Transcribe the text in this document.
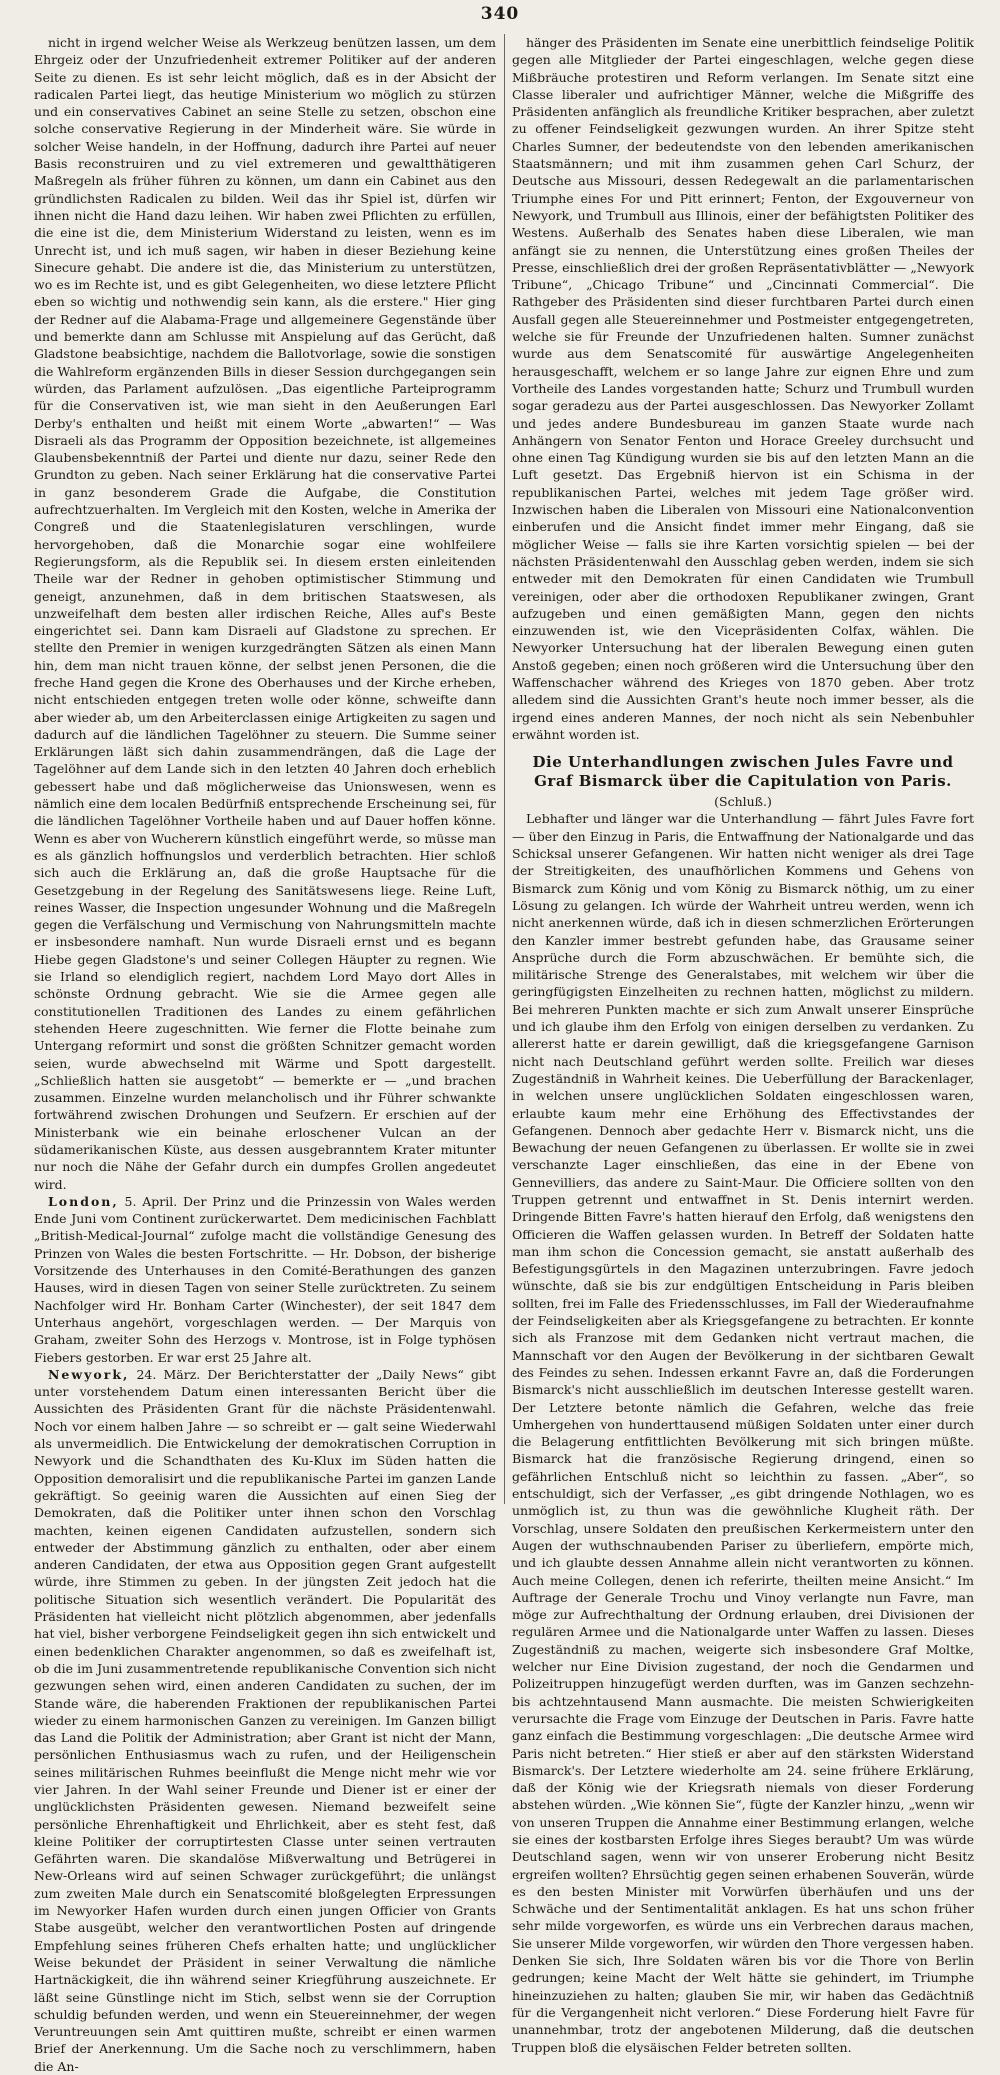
340

nicht in irgend welcher Weise als Werkzeug benützen lassen, um dem Ehrgeiz oder der Unzufriedenheit extremer Politiker auf der anderen Seite zu dienen. Es ist sehr leicht möglich, daß es in der Absicht der radicalen Partei liegt, das heutige Ministerium wo möglich zu stürzen und ein conservatives Cabinet an seine Stelle zu setzen, obschon eine solche conservative Regierung in der Minderheit wäre. Sie würde in solcher Weise handeln, in der Hoffnung, dadurch ihre Partei auf neuer Basis reconstruiren und zu viel extremeren und gewaltthätigeren Maßregeln als früher führen zu können, um dann ein Cabinet aus den gründlichsten Radicalen zu bilden. Weil das ihr Spiel ist, dürfen wir ihnen nicht die Hand dazu leihen. Wir haben zwei Pflichten zu erfüllen, die eine ist die, dem Ministerium Widerstand zu leisten, wenn es im Unrecht ist, und ich muß sagen, wir haben in dieser Beziehung keine Sinecure gehabt. Die andere ist die, das Ministerium zu unterstützen, wo es im Rechte ist, und es gibt Gelegenheiten, wo diese letztere Pflicht eben so wichtig und nothwendig sein kann, als die erstere." Hier ging der Redner auf die Alabama-Frage und allgemeinere Gegenstände über und bemerkte dann am Schlusse mit Anspielung auf das Gerücht, daß Gladstone beabsichtige, nachdem die Ballotvorlage, sowie die sonstigen die Wahlreform ergänzenden Bills in dieser Session durchgegangen sein würden, das Parlament aufzulösen. „Das eigentliche Parteiprogramm für die Conservativen ist, wie man sieht in den Aeußerungen Earl Derby's enthalten und heißt mit einem Worte „abwarten!“ — Was Disraeli als das Programm der Opposition bezeichnete, ist allgemeines Glaubensbekenntniß der Partei und diente nur dazu, seiner Rede den Grundton zu geben. Nach seiner Erklärung hat die conservative Partei in ganz besonderem Grade die Aufgabe, die Constitution aufrechtzuerhalten. Im Vergleich mit den Kosten, welche in Amerika der Congreß und die Staatenlegislaturen verschlingen, wurde hervorgehoben, daß die Monarchie sogar eine wohlfeilere Regierungsform, als die Republik sei. In diesem ersten einleitenden Theile war der Redner in gehoben optimistischer Stimmung und geneigt, anzunehmen, daß in dem britischen Staatswesen, als unzweifelhaft dem besten aller irdischen Reiche, Alles auf's Beste eingerichtet sei. Dann kam Disraeli auf Gladstone zu sprechen. Er stellte den Premier in wenigen kurzgedrängten Sätzen als einen Mann hin, dem man nicht trauen könne, der selbst jenen Personen, die die freche Hand gegen die Krone des Oberhauses und der Kirche erheben, nicht entschieden entgegen treten wolle oder könne, schweifte dann aber wieder ab, um den Arbeiterclassen einige Artigkeiten zu sagen und dadurch auf die ländlichen Tagelöhner zu steuern. Die Summe seiner Erklärungen läßt sich dahin zusammendrängen, daß die Lage der Tagelöhner auf dem Lande sich in den letzten 40 Jahren doch erheblich gebessert habe und daß möglicherweise das Unionswesen, wenn es nämlich eine dem localen Bedürfniß entsprechende Erscheinung sei, für die ländlichen Tagelöhner Vortheile haben und auf Dauer hoffen könne. Wenn es aber von Wucherern künstlich eingeführt werde, so müsse man es als gänzlich hoffnungslos und verderblich betrachten. Hier schloß sich auch die Erklärung an, daß die große Hauptsache für die Gesetzgebung in der Regelung des Sanitätswesens liege. Reine Luft, reines Wasser, die Inspection ungesunder Wohnung und die Maßregeln gegen die Verfälschung und Vermischung von Nahrungsmitteln machte er insbesondere namhaft. Nun wurde Disraeli ernst und es begann Hiebe gegen Gladstone's und seiner Collegen Häupter zu regnen. Wie sie Irland so elendiglich regiert, nachdem Lord Mayo dort Alles in schönste Ordnung gebracht. Wie sie die Armee gegen alle constitutionellen Traditionen des Landes zu einem gefährlichen stehenden Heere zugeschnitten. Wie ferner die Flotte beinahe zum Untergang reformirt und sonst die größten Schnitzer gemacht worden seien, wurde abwechselnd mit Wärme und Spott dargestellt. „Schließlich hatten sie ausgetobt“ — bemerkte er — „und brachen zusammen. Einzelne wurden melancholisch und ihr Führer schwankte fortwährend zwischen Drohungen und Seufzern. Er erschien auf der Ministerbank wie ein beinahe erloschener Vulcan an der südamerikanischen Küste, aus dessen ausgebranntem Krater mitunter nur noch die Nähe der Gefahr durch ein dumpfes Grollen angedeutet wird.

London, 5. April. Der Prinz und die Prinzessin von Wales werden Ende Juni vom Continent zurückerwartet. Dem medicinischen Fachblatt „British-Medical-Journal“ zufolge macht die vollständige Genesung des Prinzen von Wales die besten Fortschritte. — Hr. Dobson, der bisherige Vorsitzende des Unterhauses in den Comité-Berathungen des ganzen Hauses, wird in diesen Tagen von seiner Stelle zurücktreten. Zu seinem Nachfolger wird Hr. Bonham Carter (Winchester), der seit 1847 dem Unterhaus angehört, vorgeschlagen werden. — Der Marquis von Graham, zweiter Sohn des Herzogs v. Montrose, ist in Folge typhösen Fiebers gestorben. Er war erst 25 Jahre alt.

Newyork, 24. März. Der Berichterstatter der „Daily News“ gibt unter vorstehendem Datum einen interessanten Bericht über die Aussichten des Präsidenten Grant für die nächste Präsidentenwahl. Noch vor einem halben Jahre — so schreibt er — galt seine Wiederwahl als unvermeidlich. Die Entwickelung der demokratischen Corruption in Newyork und die Schandthaten des Ku-Klux im Süden hatten die Opposition demoralisirt und die republikanische Partei im ganzen Lande gekräftigt. So geeinig waren die Aussichten auf einen Sieg der Demokraten, daß die Politiker unter ihnen schon den Vorschlag machten, keinen eigenen Candidaten aufzustellen, sondern sich entweder der Abstimmung gänzlich zu enthalten, oder aber einem anderen Candidaten, der etwa aus Opposition gegen Grant aufgestellt würde, ihre Stimmen zu geben. In der jüngsten Zeit jedoch hat die politische Situation sich wesentlich verändert. Die Popularität des Präsidenten hat vielleicht nicht plötzlich abgenommen, aber jedenfalls hat viel, bisher verborgene Feindseligkeit gegen ihn sich entwickelt und einen bedenklichen Charakter angenommen, so daß es zweifelhaft ist, ob die im Juni zusammentretende republikanische Convention sich nicht gezwungen sehen wird, einen anderen Candidaten zu suchen, der im Stande wäre, die haberenden Fraktionen der republikanischen Partei wieder zu einem harmonischen Ganzen zu vereinigen. Im Ganzen billigt das Land die Politik der Administration; aber Grant ist nicht der Mann, persönlichen Enthusiasmus wach zu rufen, und der Heiligenschein seines militärischen Ruhmes beeinflußt die Menge nicht mehr wie vor vier Jahren. In der Wahl seiner Freunde und Diener ist er einer der unglücklichsten Präsidenten gewesen. Niemand bezweifelt seine persönliche Ehrenhaftigkeit und Ehrlichkeit, aber es steht fest, daß kleine Politiker der corruptirtesten Classe unter seinen vertrauten Gefährten waren. Die skandalöse Mißverwaltung und Betrügerei in New-Orleans wird auf seinen Schwager zurückgeführt; die unlängst zum zweiten Male durch ein Senatscomité bloßgelegten Erpressungen im Newyorker Hafen wurden durch einen jungen Officier von Grants Stabe ausgeübt, welcher den verantwortlichen Posten auf dringende Empfehlung seines früheren Chefs erhalten hatte; und unglücklicher Weise bekundet der Präsident in seiner Verwaltung die nämliche Hartnäckigkeit, die ihn während seiner Kriegführung auszeichnete. Er läßt seine Günstlinge nicht im Stich, selbst wenn sie der Corruption schuldig befunden werden, und wenn ein Steuereinnehmer, der wegen Veruntreuungen sein Amt quittiren mußte, schreibt er einen warmen Brief der Anerkennung. Um die Sache noch zu verschlimmern, haben die An-

hänger des Präsidenten im Senate eine unerbittlich feindselige Politik gegen alle Mitglieder der Partei eingeschlagen, welche gegen diese Mißbräuche protestiren und Reform verlangen. Im Senate sitzt eine Classe liberaler und aufrichtiger Männer, welche die Mißgriffe des Präsidenten anfänglich als freundliche Kritiker besprachen, aber zuletzt zu offener Feindseligkeit gezwungen wurden. An ihrer Spitze steht Charles Sumner, der bedeutendste von den lebenden amerikanischen Staatsmännern; und mit ihm zusammen gehen Carl Schurz, der Deutsche aus Missouri, dessen Redegewalt an die parlamentarischen Triumphe eines For und Pitt erinnert; Fenton, der Exgouverneur von Newyork, und Trumbull aus Illinois, einer der befähigtsten Politiker des Westens. Außerhalb des Senates haben diese Liberalen, wie man anfängt sie zu nennen, die Unterstützung eines großen Theiles der Presse, einschließlich drei der großen Repräsentativblätter — „Newyork Tribune“, „Chicago Tribune“ und „Cincinnati Commercial“. Die Rathgeber des Präsidenten sind dieser furchtbaren Partei durch einen Ausfall gegen alle Steuereinnehmer und Postmeister entgegengetreten, welche sie für Freunde der Unzufriedenen halten. Sumner zunächst wurde aus dem Senatscomité für auswärtige Angelegenheiten herausgeschafft, welchem er so lange Jahre zur eignen Ehre und zum Vortheile des Landes vorgestanden hatte; Schurz und Trumbull wurden sogar geradezu aus der Partei ausgeschlossen. Das Newyorker Zollamt und jedes andere Bundesbureau im ganzen Staate wurde nach Anhängern von Senator Fenton und Horace Greeley durchsucht und ohne einen Tag Kündigung wurden sie bis auf den letzten Mann an die Luft gesetzt. Das Ergebniß hiervon ist ein Schisma in der republikanischen Partei, welches mit jedem Tage größer wird. Inzwischen haben die Liberalen von Missouri eine Nationalconvention einberufen und die Ansicht findet immer mehr Eingang, daß sie möglicher Weise — falls sie ihre Karten vorsichtig spielen — bei der nächsten Präsidentenwahl den Ausschlag geben werden, indem sie sich entweder mit den Demokraten für einen Candidaten wie Trumbull vereinigen, oder aber die orthodoxen Republikaner zwingen, Grant aufzugeben und einen gemäßigten Mann, gegen den nichts einzuwenden ist, wie den Vicepräsidenten Colfax, wählen. Die Newyorker Untersuchung hat der liberalen Bewegung einen guten Anstoß gegeben; einen noch größeren wird die Untersuchung über den Waffenschacher während des Krieges von 1870 geben. Aber trotz alledem sind die Aussichten Grant's heute noch immer besser, als die irgend eines anderen Mannes, der noch nicht als sein Nebenbuhler erwähnt worden ist.

Die Unterhandlungen zwischen Jules Favre und Graf Bismarck über die Capitulation von Paris.

(Schluß.)

Lebhafter und länger war die Unterhandlung — fährt Jules Favre fort — über den Einzug in Paris, die Entwaffnung der Nationalgarde und das Schicksal unserer Gefangenen. Wir hatten nicht weniger als drei Tage der Streitigkeiten, des unaufhörlichen Kommens und Gehens von Bismarck zum König und vom König zu Bismarck nöthig, um zu einer Lösung zu gelangen. Ich würde der Wahrheit untreu werden, wenn ich nicht anerkennen würde, daß ich in diesen schmerzlichen Erörterungen den Kanzler immer bestrebt gefunden habe, das Grausame seiner Ansprüche durch die Form abzuschwächen. Er bemühte sich, die militärische Strenge des Generalstabes, mit welchem wir über die geringfügigsten Einzelheiten zu rechnen hatten, möglichst zu mildern. Bei mehreren Punkten machte er sich zum Anwalt unserer Einsprüche und ich glaube ihm den Erfolg von einigen derselben zu verdanken. Zu allererst hatte er darein gewilligt, daß die kriegsgefangene Garnison nicht nach Deutschland geführt werden sollte. Freilich war dieses Zugeständniß in Wahrheit keines. Die Ueberfüllung der Barackenlager, in welchen unsere unglücklichen Soldaten eingeschlossen waren, erlaubte kaum mehr eine Erhöhung des Effectivstandes der Gefangenen. Dennoch aber gedachte Herr v. Bismarck nicht, uns die Bewachung der neuen Gefangenen zu überlassen. Er wollte sie in zwei verschanzte Lager einschließen, das eine in der Ebene von Gennevilliers, das andere zu Saint-Maur. Die Officiere sollten von den Truppen getrennt und entwaffnet in St. Denis internirt werden. Dringende Bitten Favre's hatten hierauf den Erfolg, daß wenigstens den Officieren die Waffen gelassen wurden. In Betreff der Soldaten hatte man ihm schon die Concession gemacht, sie anstatt außerhalb des Befestigungsgürtels in den Magazinen unterzubringen. Favre jedoch wünschte, daß sie bis zur endgültigen Entscheidung in Paris bleiben sollten, frei im Falle des Friedensschlusses, im Fall der Wiederaufnahme der Feindseligkeiten aber als Kriegsgefangene zu betrachten. Er konnte sich als Franzose mit dem Gedanken nicht vertraut machen, die Mannschaft vor den Augen der Bevölkerung in der sichtbaren Gewalt des Feindes zu sehen. Indessen erkannt Favre an, daß die Forderungen Bismarck's nicht ausschließlich im deutschen Interesse gestellt waren. Der Letztere betonte nämlich die Gefahren, welche das freie Umhergehen von hunderttausend müßigen Soldaten unter einer durch die Belagerung entfittlichten Bevölkerung mit sich bringen müßte. Bismarck hat die französische Regierung dringend, einen so gefährlichen Entschluß nicht so leichthin zu fassen. „Aber“, so entschuldigt, sich der Verfasser, „es gibt dringende Nothlagen, wo es unmöglich ist, zu thun was die gewöhnliche Klugheit räth. Der Vorschlag, unsere Soldaten den preußischen Kerkermeistern unter den Augen der wuthschnaubenden Pariser zu überliefern, empörte mich, und ich glaubte dessen Annahme allein nicht verantworten zu können. Auch meine Collegen, denen ich referirte, theilten meine Ansicht.“ Im Auftrage der Generale Trochu und Vinoy verlangte nun Favre, man möge zur Aufrechthaltung der Ordnung erlauben, drei Divisionen der regulären Armee und die Nationalgarde unter Waffen zu lassen. Dieses Zugeständniß zu machen, weigerte sich insbesondere Graf Moltke, welcher nur Eine Division zugestand, der noch die Gendarmen und Polizeitruppen hinzugefügt werden durften, was im Ganzen sechzehn- bis achtzehntausend Mann ausmachte. Die meisten Schwierigkeiten verursachte die Frage vom Einzuge der Deutschen in Paris. Favre hatte ganz einfach die Bestimmung vorgeschlagen: „Die deutsche Armee wird Paris nicht betreten.“ Hier stieß er aber auf den stärksten Widerstand Bismarck's. Der Letztere wiederholte am 24. seine frühere Erklärung, daß der König wie der Kriegsrath niemals von dieser Forderung abstehen würden. „Wie können Sie“, fügte der Kanzler hinzu, „wenn wir von unseren Truppen die Annahme einer Bestimmung erlangen, welche sie eines der kostbarsten Erfolge ihres Sieges beraubt? Um was würde Deutschland sagen, wenn wir von unserer Eroberung nicht Besitz ergreifen wollten? Ehrsüchtig gegen seinen erhabenen Souverän, würde es den besten Minister mit Vorwürfen überhäufen und uns der Schwäche und der Sentimentalität anklagen. Es hat uns schon früher sehr milde vorgeworfen, es würde uns ein Verbrechen daraus machen, Sie unserer Milde vorgeworfen, wir würden den Thore vergessen haben. Denken Sie sich, Ihre Soldaten wären bis vor die Thore von Berlin gedrungen; keine Macht der Welt hätte sie gehindert, im Triumphe hineinzuziehen zu halten; glauben Sie mir, wir haben das Gedächtniß für die Vergangenheit nicht verloren.“ Diese Forderung hielt Favre für unannehmbar, trotz der angebotenen Milderung, daß die deutschen Truppen bloß die elysäischen Felder betreten sollten.
